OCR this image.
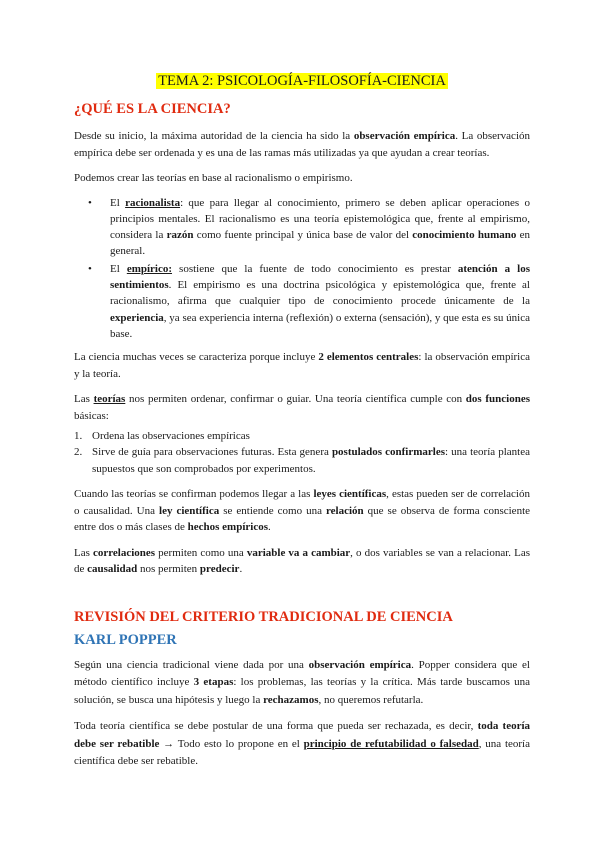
TEMA 2: PSICOLOGÍA-FILOSOFÍA-CIENCIA
¿QUÉ ES LA CIENCIA?

Desde su inicio, la máxima autoridad de la ciencia ha sido la observación empírica. La observación empírica debe ser ordenada y es una de las ramas más utilizadas ya que ayudan a crear teorías.

Podemos crear las teorías en base al racionalismo o empirismo.

• El racionalista: que para llegar al conocimiento, primero se deben aplicar operaciones o principios mentales. El racionalismo es una teoría epistemológica que, frente al empirismo, considera la razón como fuente principal y única base de valor del conocimiento humano en general.
• El empírico: sostiene que la fuente de todo conocimiento es prestar atención a los sentimientos. El empirismo es una doctrina psicológica y epistemológica que, frente al racionalismo, afirma que cualquier tipo de conocimiento procede únicamente de la experiencia, ya sea experiencia interna (reflexión) o externa (sensación), y que esta es su única base.

La ciencia muchas veces se caracteriza porque incluye 2 elementos centrales: la observación empírica y la teoría.

Las teorías nos permiten ordenar, confirmar o guiar. Una teoría científica cumple con dos funciones básicas:

1. Ordena las observaciones empíricas
2. Sirve de guía para observaciones futuras. Esta genera postulados confirmarles: una teoría plantea supuestos que son comprobados por experimentos.

Cuando las teorías se confirman podemos llegar a las leyes científicas, estas pueden ser de correlación o causalidad. Una ley científica se entiende como una relación que se observa de forma consciente entre dos o más clases de hechos empíricos.

Las correlaciones permiten como una variable va a cambiar, o dos variables se van a relacionar. Las de causalidad nos permiten predecir.

REVISIÓN DEL CRITERIO TRADICIONAL DE CIENCIA
KARL POPPER

Según una ciencia tradicional viene dada por una observación empírica. Popper considera que el método científico incluye 3 etapas: los problemas, las teorías y la crítica. Más tarde buscamos una solución, se busca una hipótesis y luego la rechazamos, no queremos refutarla.

Toda teoría científica se debe postular de una forma que pueda ser rechazada, es decir, toda teoría debe ser rebatible → Todo esto lo propone en el principio de refutabilidad o falsedad, una teoría científica debe ser rebatible.
